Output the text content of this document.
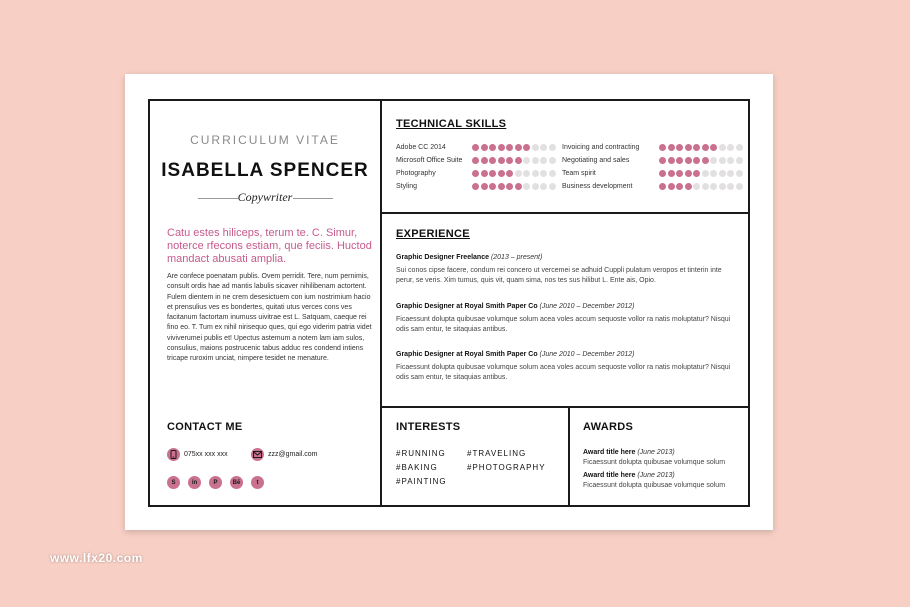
CURRICULUM VITAE
ISABELLA SPENCER
Copywriter
Catu estes hiliceps, terum te. C. Simur, noterce rfecons estiam, que feciis. Huctod mandact abusati amplia.
Are confece poenatam publis. Ovem perridit. Tere, num pernimis, consult ordis hae ad mantis labulis sicaver nihilibenam actortent. Fulem dientem in ne crem desesictuem con ium nostrimium hacio et prensulius ves es bondertes, quitati utus verces cons ves facitanum factortam inumuss uivitrae est L. Satquam, caeque rei fino eo. T. Tum ex nihil nirisequo ques, qui ego viderim patria videt viviverumei publis et! Upectus astemum a notem lam iam sulos, consulius, maions postrucenic tabus adduc res condend intiens tricape ruroxim unciat, nimpere tesidet ne menature.
CONTACT ME
075xx xxx xxx	zzz@gmail.com
S	in	P	Bē	t
TECHNICAL SKILLS
Adobe CC 2014
Microsoft Office Suite
Photography
Styling
Invoicing and contracting
Negotiating and sales
Team spirit
Business development
EXPERIENCE
Graphic Designer Freelance (2013 – present)
Sui conos cipse facere, condum rei concero ut vercemei se adhuid Cuppli pulatum veropos et tinterin inte perur, se veris. Xim tumus, quis vit, quam sima, nos tes sus hilibut L. Ente ais, Opio.
Graphic Designer at Royal Smith Paper Co (June 2010 – December 2012)
Ficaessunt dolupta quibusae volumque solum acea voles accum sequoste vollor ra natis moluptatur? Nisqui odis sam entur, te sitaquias antibus.
Graphic Designer at Royal Smith Paper Co (June 2010 – December 2012)
Ficaessunt dolupta quibusae volumque solum acea voles accum sequoste vollor ra natis moluptatur? Nisqui odis sam entur, te sitaquias antibus.
INTERESTS
#RUNNING
#BAKING
#PAINTING
#TRAVELING
#PHOTOGRAPHY
AWARDS
Award title here (June 2013)
Ficaessunt dolupta quibusae volumque solum
Award title here (June 2013)
Ficaessunt dolupta quibusae volumque solum
www.lfx20.com
